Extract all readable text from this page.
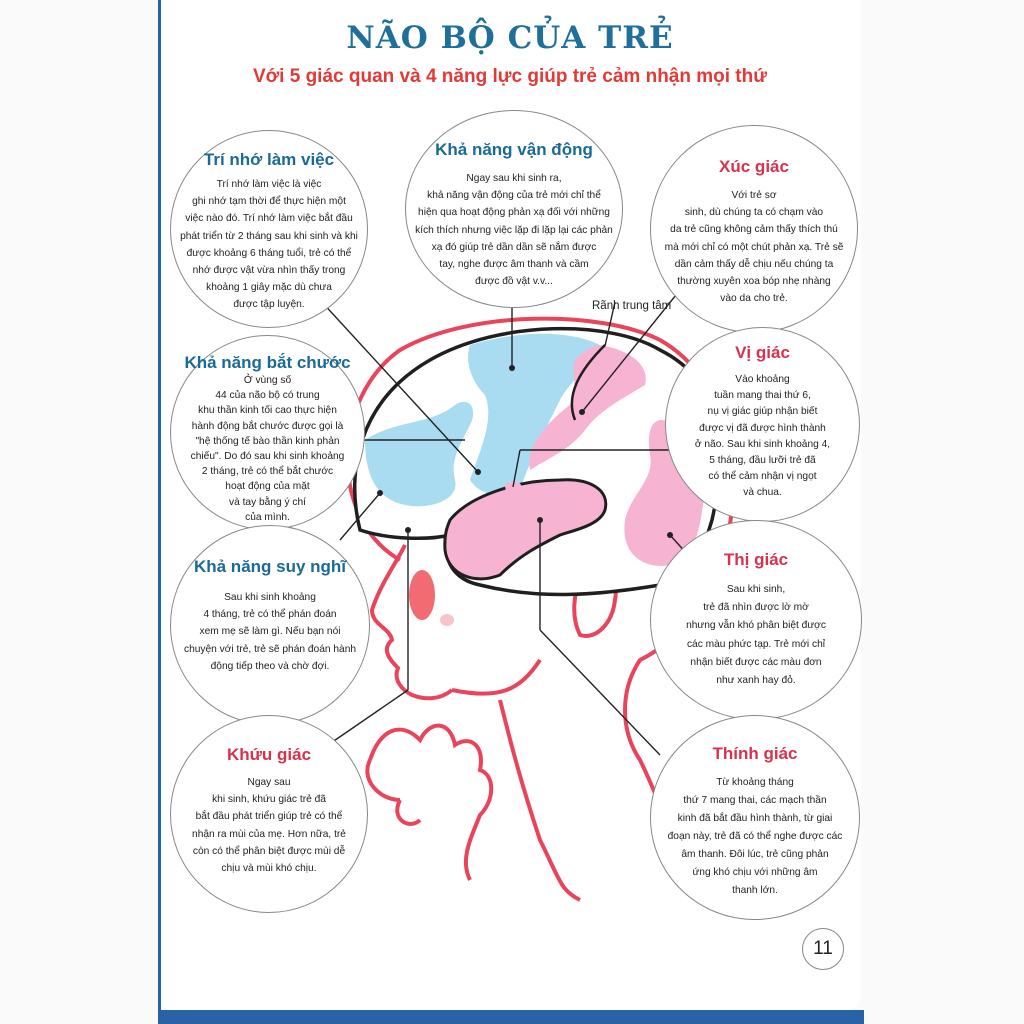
NÃO BỘ CỦA TRẺ
Với 5 giác quan và 4 năng lực giúp trẻ cảm nhận mọi thứ
Rãnh trung tâm
Trí nhớ làm việc
Trí nhớ làm việc là việc
ghi nhớ tạm thời để thực hiện một
việc nào đó. Trí nhớ làm việc bắt đầu
phát triển từ 2 tháng sau khi sinh và khi
được khoảng 6 tháng tuổi, trẻ có thể
nhớ được vật vừa nhìn thấy trong
khoảng 1 giây mặc dù chưa
được tập luyện.
Khả năng vận động
Ngay sau khi sinh ra,
khả năng vận động của trẻ mới chỉ thể
hiện qua hoạt động phản xạ đối với những
kích thích nhưng việc lặp đi lặp lại các phản
xạ đó giúp trẻ dần dần sẽ nắm được
tay, nghe được âm thanh và cầm
được đồ vật v.v...
Xúc giác
Với trẻ sơ
sinh, dù chúng ta có chạm vào
da trẻ cũng không cảm thấy thích thú
mà mới chỉ có một chút phản xạ. Trẻ sẽ
dần cảm thấy dễ chịu nếu chúng ta
thường xuyên xoa bóp nhẹ nhàng
vào da cho trẻ.
Khả năng bắt chước
Ở vùng số
44 của não bộ có trung
khu thần kinh tối cao thực hiện
hành động bắt chước được gọi là
"hệ thống tế bào thần kinh phản
chiếu". Do đó sau khi sinh khoảng
2 tháng, trẻ có thể bắt chước
hoạt động của mặt
và tay bằng ý chí
của mình.
Vị giác
Vào khoảng
tuần mang thai thứ 6,
nụ vị giác giúp nhận biết
được vị đã được hình thành
ở não. Sau khi sinh khoảng 4,
5 tháng, đầu lưỡi trẻ đã
có thể cảm nhận vị ngọt
và chua.
Khả năng suy nghĩ
Sau khi sinh khoảng
4 tháng, trẻ có thể phán đoán
xem mẹ sẽ làm gì. Nếu bạn nói
chuyện với trẻ, trẻ sẽ phán đoán hành
động tiếp theo và chờ đợi.
Thị giác
Sau khi sinh,
trẻ đã nhìn được lờ mờ
nhưng vẫn khó phân biệt được
các màu phức tạp. Trẻ mới chỉ
nhận biết được các màu đơn
như xanh hay đỏ.
Khứu giác
Ngay sau
khi sinh, khứu giác trẻ đã
bắt đầu phát triển giúp trẻ có thể
nhận ra mùi của mẹ. Hơn nữa, trẻ
còn có thể phân biệt được mùi dễ
chịu và mùi khó chịu.
Thính giác
Từ khoảng tháng
thứ 7 mang thai, các mạch thần
kinh đã bắt đầu hình thành, từ giai
đoạn này, trẻ đã có thể nghe được các
âm thanh. Đôi lúc, trẻ cũng phản
ứng khó chịu với những âm
thanh lớn.
11
